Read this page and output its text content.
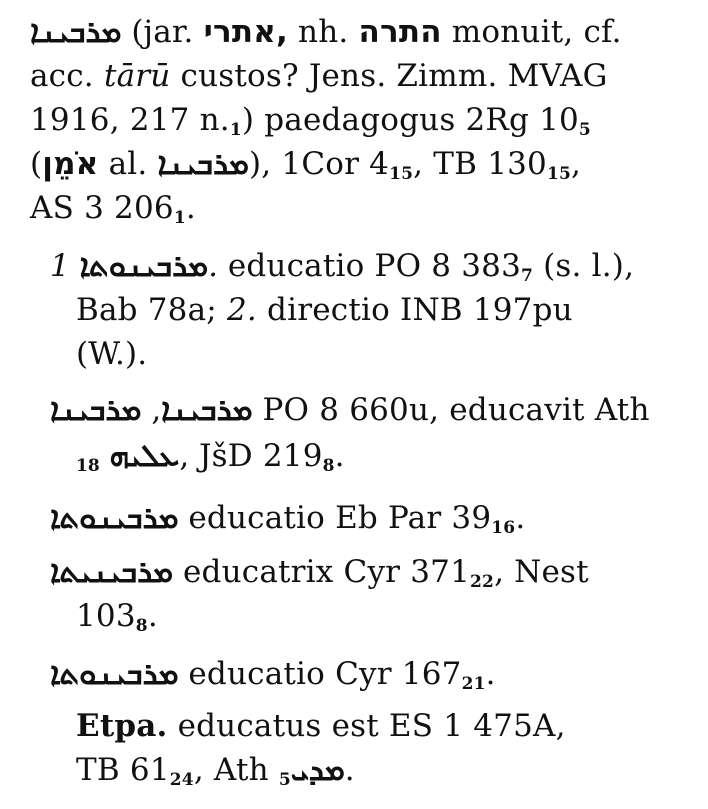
ܡܪܒܝܢܐ (jar. אתרי, nh. התרה monuit, cf.
acc. tārū custos? Jens. Zimm. MVAG
1916, 217 $n._1$) paedagogus 2Rg $10_5$
(אֹמֵן al. ܡܪܒܝܢܐ), 1Cor $4_{15}$, TB $130_{15}$,
AS 3 $206_1$.
ܡܪܒܝܢܘܬܐ 1. educatio PO 8 $383_7$ (s. l.),
Bab 78a; 2. directio INB 197pu
(W.).
ܡܪܒܝܢܐ, ܡܪܒܝܢܐ	PO 8 660u, educavit Ath
ܥܠܝܗ $_{18}$	, JšD $219_8$.
ܡܪܒܝܢܘܬܐ educatio Eb Par $39_{16}$.
ܡܪܒܝܢܝܬܐ educatrix Cyr $371_{22}$, Nest
$103_8$.
ܡܪܒܝܢܘܬܐ educatio Cyr $167_{21}$.
Etpa. educatus est ES 1 475A,
TB $61_{24}$, Ath ܡܕܝ$_5$ .
